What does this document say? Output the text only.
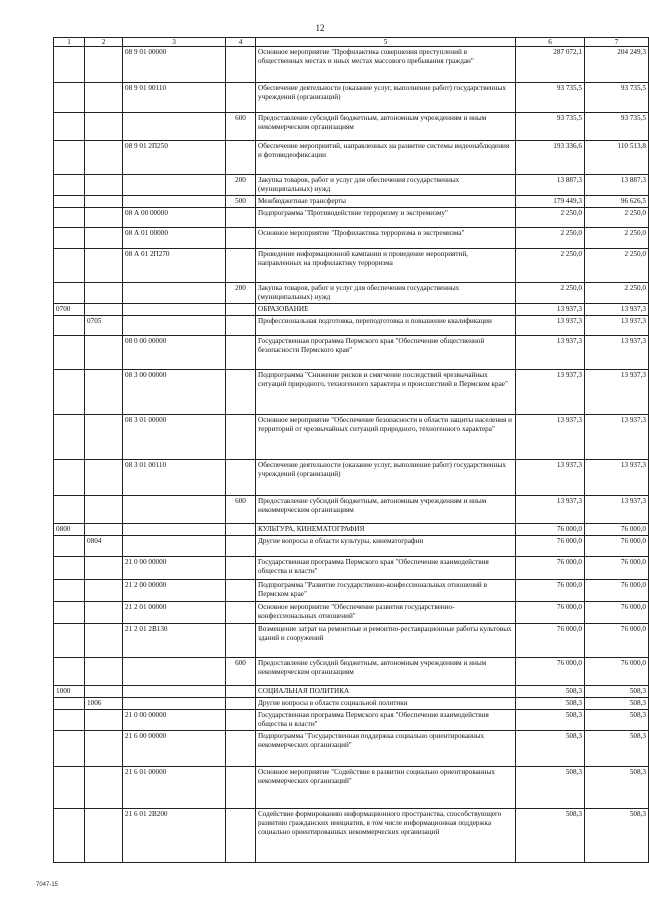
12
1	2	3	4	5	6	7
		08 9 01 00000		Основное мероприятие "Профилактика совершения преступлений в общественных местах и иных местах массового пребывания граждан"	287 072,1	204 249,3
		08 9 01 00110		Обеспечение деятельности (оказание услуг, выполнение работ) государственных учреждений (организаций)	93 735,5	93 735,5
			600	Предоставление субсидий бюджетным, автономным учреждениям и иным некоммерческим организациям	93 735,5	93 735,5
		08 9 01 2П250		Обеспечение мероприятий, направленных на развитие системы видеонаблюдения и фотовидеофиксации	193 336,6	110 513,8
			200	Закупка товаров, работ и услуг для обеспечения государственных (муниципальных) нужд	13 887,3	13 887,3
			500	Межбюджетные трансферты	179 449,3	96 626,5
		08 А 00 00000		Подпрограмма "Противодействие терроризму и экстремизму"	2 250,0	2 250,0
		08 А 01 00000		Основное мероприятие "Профилактика терроризма и экстремизма"	2 250,0	2 250,0
		08 А 01 2П270		Проведение информационной кампании и проведение мероприятий, направленных на профилактику терроризма	2 250,0	2 250,0
			200	Закупка товаров, работ и услуг для обеспечения государственных (муниципальных) нужд	2 250,0	2 250,0
0700				ОБРАЗОВАНИЕ	13 937,3	13 937,3
	0705			Профессиональная подготовка, переподготовка и повышение квалификации	13 937,3	13 937,3
		08 0 00 00000		Государственная программа Пермского края "Обеспечение общественной безопасности Пермского края"	13 937,3	13 937,3
		08 3 00 00000		Подпрограмма "Снижение рисков и смягчение последствий чрезвычайных ситуаций природного, техногенного характера и происшествий в Пермском крае"	13 937,3	13 937,3
		08 3 01 00000		Основное мероприятие "Обеспечение безопасности в области защиты населения и территорий от чрезвычайных ситуаций природного, техногенного характера"	13 937,3	13 937,3
		08 3 01 00110		Обеспечение деятельности (оказание услуг, выполнение работ) государственных учреждений (организаций)	13 937,3	13 937,3
			600	Предоставление субсидий бюджетным, автономным учреждениям и иным некоммерческим организациям	13 937,3	13 937,3
0800				КУЛЬТУРА, КИНЕМАТОГРАФИЯ	76 000,0	76 000,0
	0804			Другие вопросы в области культуры, кинематографии	76 000,0	76 000,0
		21 0 00 00000		Государственная программа Пермского края "Обеспечение взаимодействия общества и власти"	76 000,0	76 000,0
		21 2 00 00000		Подпрограмма "Развитие государственно-конфессиональных отношений в Пермском крае"	76 000,0	76 000,0
		21 2 01 00000		Основное мероприятие "Обеспечение развития государственно-конфессиональных отношений"	76 000,0	76 000,0
		21 2 01 2В130		Возмещение затрат на ремонтные и ремонтно-реставрационные работы культовых зданий и сооружений	76 000,0	76 000,0
			600	Предоставление субсидий бюджетным, автономным учреждениям и иным некоммерческим организациям	76 000,0	76 000,0
1000				СОЦИАЛЬНАЯ ПОЛИТИКА	508,3	508,3
	1006			Другие вопросы в области социальной политики	508,3	508,3
		21 0 00 00000		Государственная программа Пермского края "Обеспечение взаимодействия общества и власти"	508,3	508,3
		21 6 00 00000		Подпрограмма "Государственная поддержка социально ориентированных некоммерческих организаций"	508,3	508,3
		21 6 01 00000		Основное мероприятие "Содействие в развитии социально ориентированных некоммерческих организаций"	508,3	508,3
		21 6 01 2В200		Содействие формированию информационного пространства, способствующего развитию гражданских инициатив, в том числе информационная поддержка социально ориентированных некоммерческих организаций	508,3	508,3
7047-15
